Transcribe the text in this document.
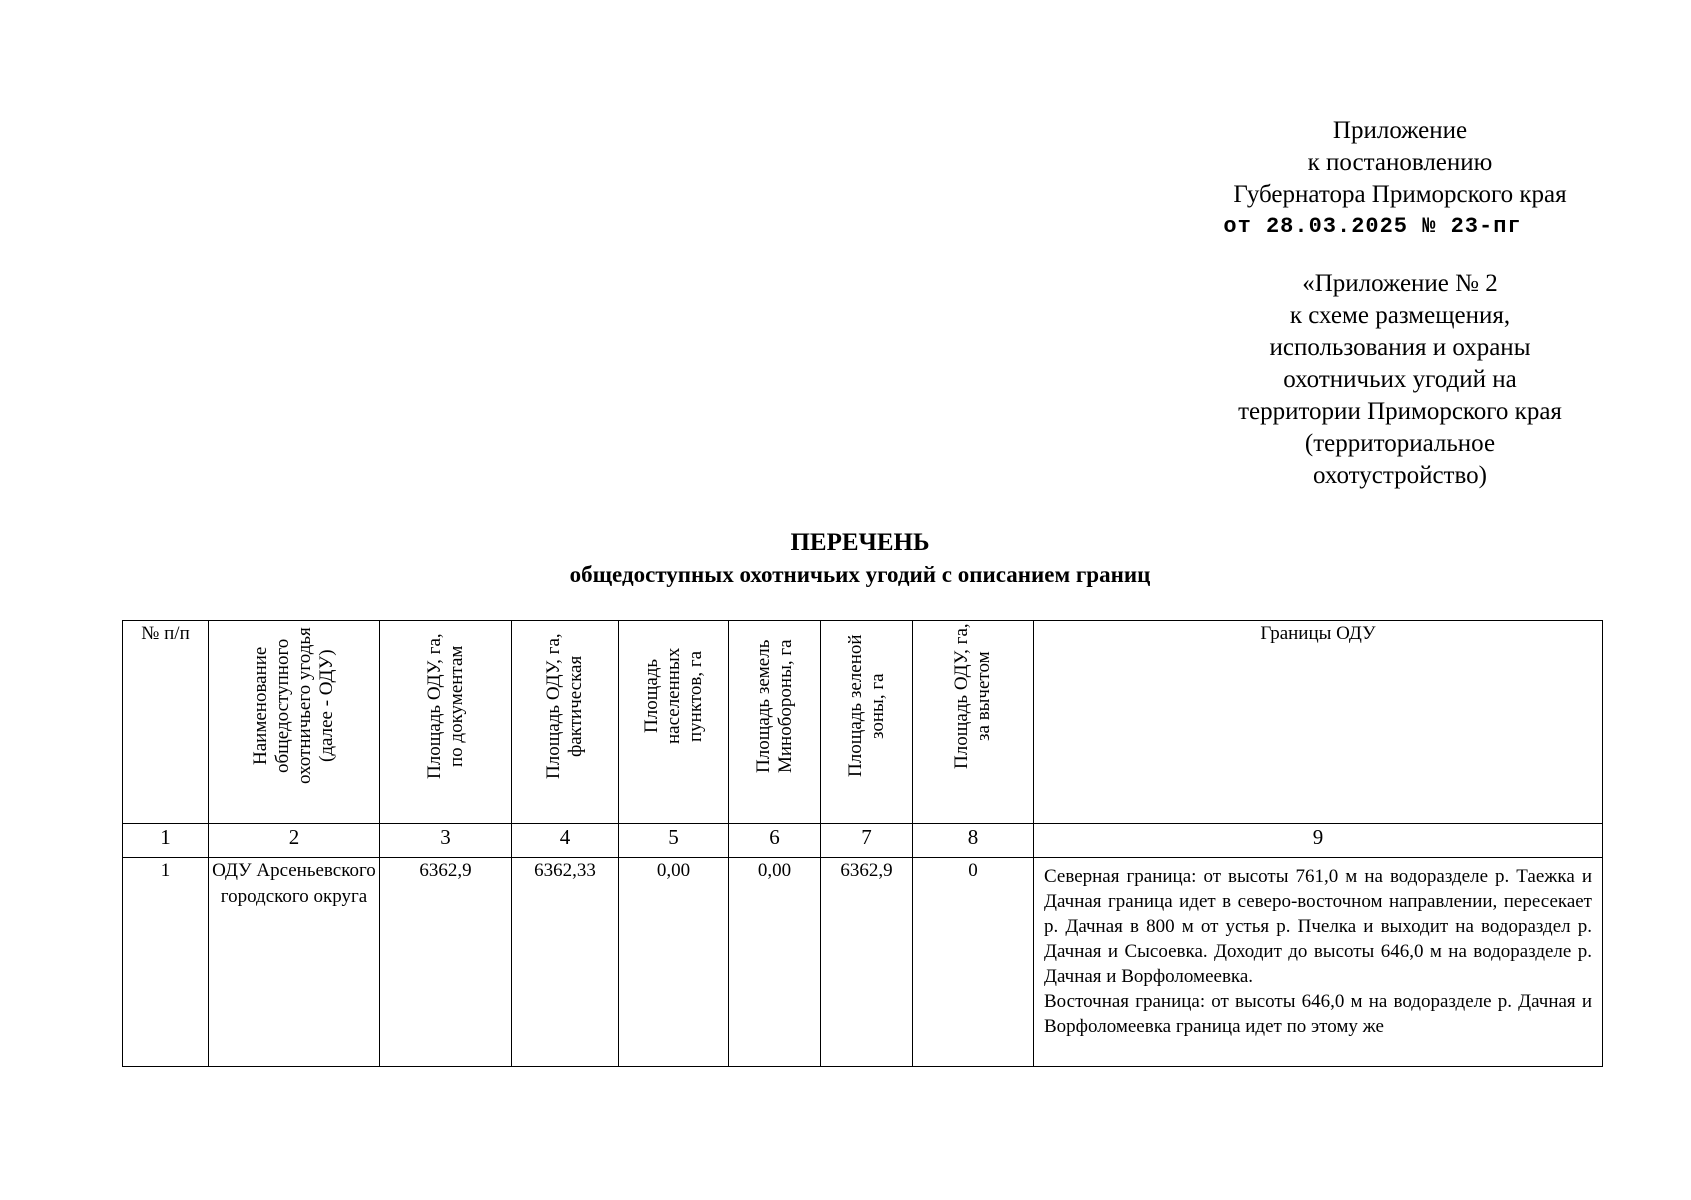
Приложение
к постановлению
Губернатора Приморского края
от 28.03.2025 № 23-пг
«Приложение № 2
к схеме размещения,
использования и охраны
охотничьих угодий на
территории Приморского края
(территориальное
охотустройство)
ПЕРЕЧЕНЬ
общедоступных охотничьих угодий с описанием границ
№ п/п	Наименование общедоступного охотничьего угодья (далее - ОДУ)	Площадь ОДУ, га, по документам	Площадь ОДУ, га, фактическая	Площадь населенных пунктов, га	Площадь земель Минобороны, га	Площадь зеленой зоны, га	Площадь ОДУ, га, за вычетом	Границы ОДУ
1	2	3	4	5	6	7	8	9
1	ОДУ Арсеньевского городского округа	6362,9	6362,33	0,00	0,00	6362,9	0	Северная граница: от высоты 761,0 м на водоразделе р. Таежка и Дачная граница идет в северо-восточном направлении, пересекает р. Дачная в 800 м от устья р. Пчелка и выходит на водораздел р. Дачная и Сысоевка. Доходит до высоты 646,0 м на водоразделе р. Дачная и Ворфоломеевка.

Восточная граница: от высоты 646,0 м на водоразделе р. Дачная и Ворфоломеевка граница идет по этому же
